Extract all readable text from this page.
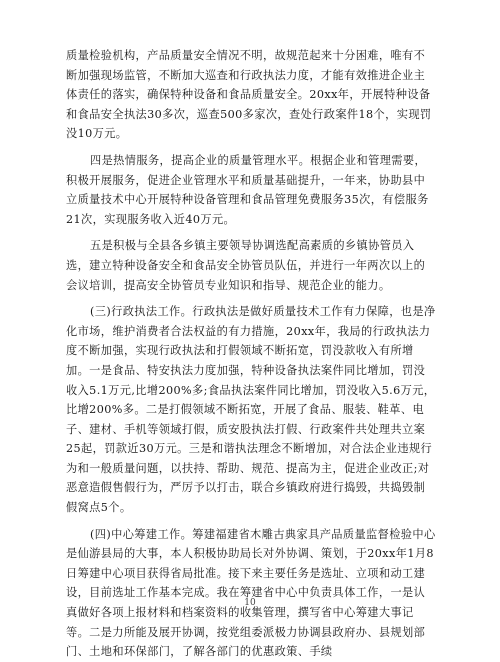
质量检验机构，产品质量安全情况不明，故规范起来十分困难，唯有不断加强现场监管，不断加大巡查和行政执法力度，才能有效推进企业主体责任的落实，确保特种设备和食品质量安全。20xx年，开展特种设备和食品安全执法30多次，巡查500多家次，查处行政案件18个，实现罚没10万元。

四是热情服务，提高企业的质量管理水平。根据企业和管理需要，积极开展服务，促进企业管理水平和质量基础提升，一年来，协助县中立质量技术中心开展特种设备管理和食品管理免费服务35次，有偿服务21次，实现服务收入近40万元。

五是积极与全县各乡镇主要领导协调选配高素质的乡镇协管员入选，建立特种设备安全和食品安全协管员队伍，并进行一年两次以上的会议培训，提高安全协管员专业知识和指导、规范企业的能力。

(三)行政执法工作。行政执法是做好质量技术工作有力保障，也是净化市场，维护消费者合法权益的有力措施，20xx年，我局的行政执法力度不断加强，实现行政执法和打假领域不断拓宽，罚没款收入有所增加。一是食品、特安执法力度加强，特种设备执法案件同比增加，罚没收入5.1万元,比增200%多;食品执法案件同比增加，罚没收入5.6万元，比增200%多。二是打假领域不断拓宽，开展了食品、服装、鞋革、电子、建材、手机等领域打假，质安股执法打假、行政案件共处理共立案25起，罚款近30万元。三是和谐执法理念不断增加，对合法企业违规行为和一般质量问题，以扶持、帮助、规范、提高为主，促进企业改正;对恶意造假售假行为，严厉予以打击，联合乡镇政府进行捣毁，共捣毁制假窝点5个。

(四)中心筹建工作。筹建福建省木雕古典家具产品质量监督检验中心是仙游县局的大事，本人积极协助局长对外协调、策划，于20xx年1月8日筹建中心项目获得省局批准。接下来主要任务是选址、立项和动工建设，目前选址工作基本完成。我在筹建省中心中负责具体工作，一是认真做好各项上报材料和档案资料的收集管理，撰写省中心筹建大事记等。二是力所能及展开协调，按党组委派极力协调县政府办、县规划部门、土地和环保部门，了解各部门的优惠政策、手续

10
